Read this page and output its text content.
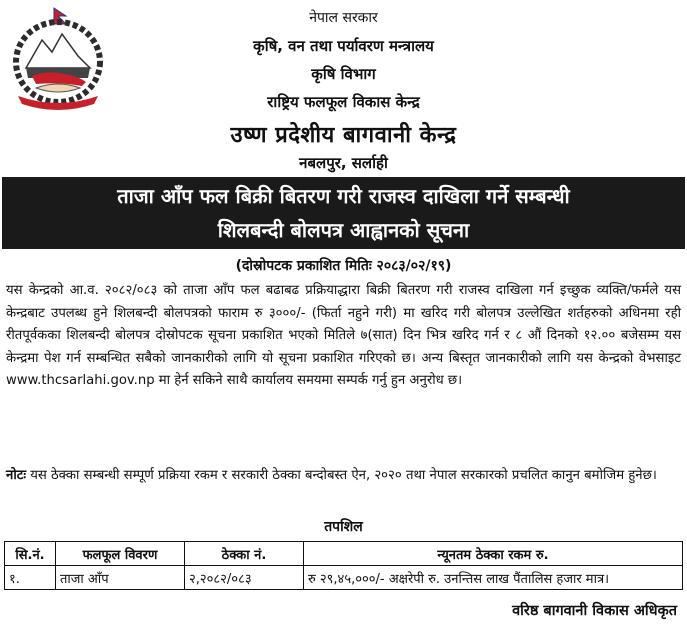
नेपाल सरकार
कृषि, वन तथा पर्यावरण मन्त्रालय
कृषि विभाग
राष्ट्रिय फलफूल विकास केन्द्र
उष्ण प्रदेशीय बागवानी केन्द्र
नबलपुर, सर्लाही
ताजा आँप फल बिक्री बितरण गरी राजस्व दाखिला गर्ने सम्बन्धी
शिलबन्दी बोलपत्र आह्वानको सूचना
(दोस्रोपटक प्रकाशित मितिः २०८३/०२/१९)
यस केन्द्रको आ.व. २०८२/०८३ को ताजा आँप फल बढाबढ प्रक्रियाद्धारा बिक्री बितरण गरी राजस्व दाखिला गर्न इच्छुक व्यक्ति/फर्मले यस केन्द्रबाट उपलब्ध हुने शिलबन्दी बोलपत्रको फाराम रु ३०००/- (फिर्ता नहुने गरी) मा खरिद गरी बोलपत्र उल्लेखित शर्तहरुको अधिनमा रही रीतपूर्वकका शिलबन्दी बोलपत्र दोस्रोपटक सूचना प्रकाशित भएको मितिले ७(सात) दिन भित्र खरिद गर्न र ८ औं दिनको १२.०० बजेसम्म यस केन्द्रमा पेश गर्न सम्बन्धित सबैको जानकारीको लागि यो सूचना प्रकाशित गरिएको छ। अन्य बिस्तृत जानकारीको लागि यस केन्द्रको वेभसाइट www.thcsarlahi.gov.np मा हेर्न सकिने साथै कार्यालय समयमा सम्पर्क गर्नु हुन अनुरोध छ।
नोटः यस ठेक्का सम्बन्धी सम्पूर्ण प्रक्रिया रकम र सरकारी ठेक्का बन्दोबस्त ऐन, २०२० तथा नेपाल सरकारको प्रचलित कानुन बमोजिम हुनेछ।
तपशिल
सि.नं.	फलफूल विवरण	ठेक्का नं.	न्यूनतम ठेक्का रकम रु.
१.	ताजा आँप	२,२०८२/०८३	रु २९,४५,०००/- अक्षरेपी रु. उनन्तिस लाख पैंतालिस हजार मात्र।
वरिष्ठ बागवानी विकास अधिकृत
